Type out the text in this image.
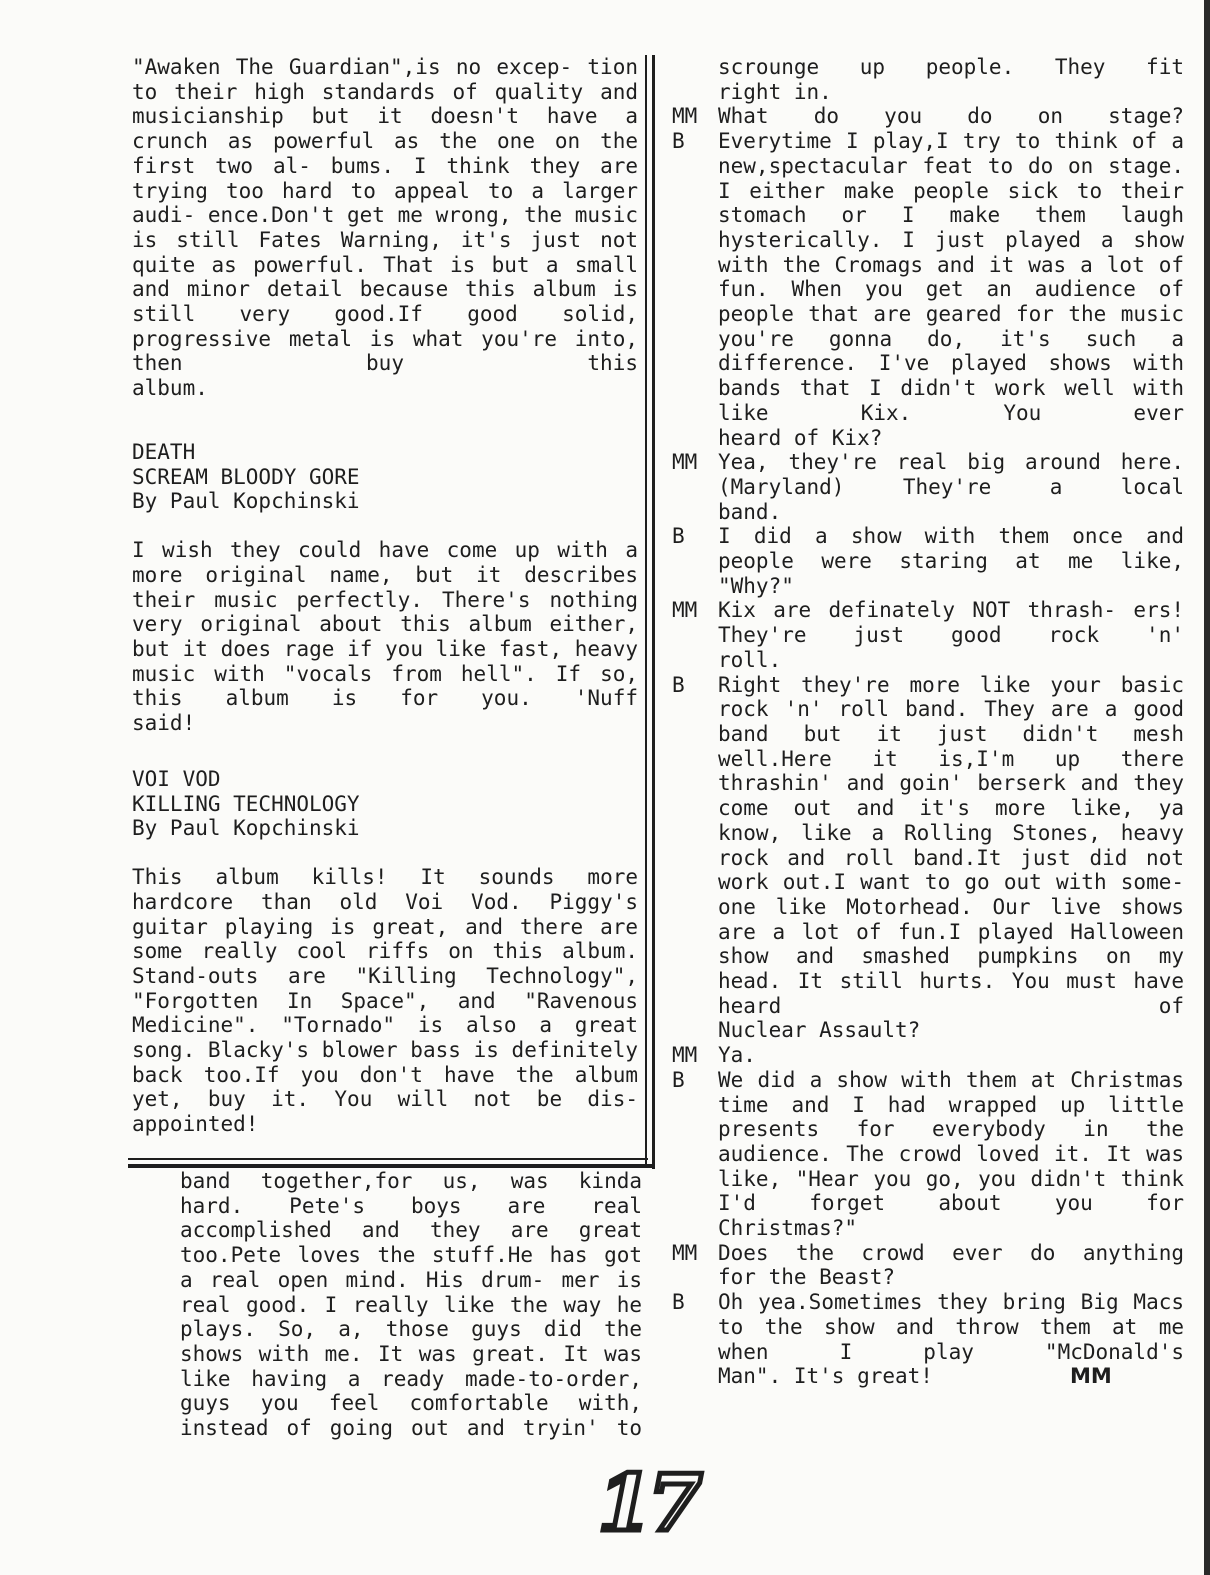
"Awaken The Guardian",is no excep- tion to their high standards of quality and musicianship but it doesn't have a crunch as powerful as the one on the first two al- bums. I think they are trying too hard to appeal to a larger audi- ence.Don't get me wrong, the music is still Fates Warning, it's just not quite as powerful. That is but a small and minor detail because this album is still very good.If good solid, progressive metal is what you're into, then buy this

album.

DEATH

SCREAM BLOODY GORE

By Paul Kopchinski

I wish they could have come up with a more original name, but it describes their music perfectly. There's nothing very original about this album either, but it does rage if you like fast, heavy music with "vocals from hell". If so, this album is for you. 'Nuff

said!

VOI VOD

KILLING TECHNOLOGY

By Paul Kopchinski

This album kills! It sounds more hardcore than old Voi Vod. Piggy's guitar playing is great, and there are some really cool riffs on this album. Stand-outs are "Killing Technology", "Forgotten In Space", and "Ravenous Medicine". "Tornado" is also a great song. Blacky's blower bass is definitely back too.If you don't have the album yet, buy it. You will not be dis-

appointed!

band together,for us, was kinda hard. Pete's boys are real accomplished and they are great too.Pete loves the stuff.He has got a real open mind. His drum- mer is real good. I really like the way he plays. So, a, those guys did the shows with me. It was great. It was like having a ready made-to-order, guys you feel comfortable with, instead of going out and tryin' to

scrounge up people. They fit

right in.

MM What do you do on stage?

B	Everytime I play,I try to think of a new,spectacular feat to do on stage. I either make people sick to their stomach or I make them laugh hysterically. I just played a show with the Cromags and it was a lot of fun. When you get an audience of people that are geared for the music you're gonna do, it's such a difference. I've played shows with bands that I didn't work well with like Kix. You ever

heard of Kix?

MM Yea, they're real big around here.(Maryland) They're a local

band.

B	I did a show with them once and people were staring at me like,

"Why?"

MM Kix are definately NOT thrash- ers! They're just good rock 'n'

roll.

B	Right they're more like your basic rock 'n' roll band. They are a good band but it just didn't mesh well.Here it is,I'm up there thrashin' and goin' berserk and they come out and it's more like, ya know, like a Rolling Stones, heavy rock and roll band.It just did not work out.I want to go out with some- one like Motorhead. Our live shows are a lot of fun.I played Halloween show and smashed pumpkins on my head. It still hurts. You must have heard of

Nuclear Assault?

MM Ya.

B	We did a show with them at Christmas time and I had wrapped up little presents for everybody in the audience. The crowd loved it. It was like, "Hear you go, you didn't think I'd forget about you for

Christmas?"

MM Does the crowd ever do anything

for the Beast?

B	Oh yea.Sometimes they bring Big Macs to the show and throw them at me when I play "McDonald's

Man". It's great!	MM
17
